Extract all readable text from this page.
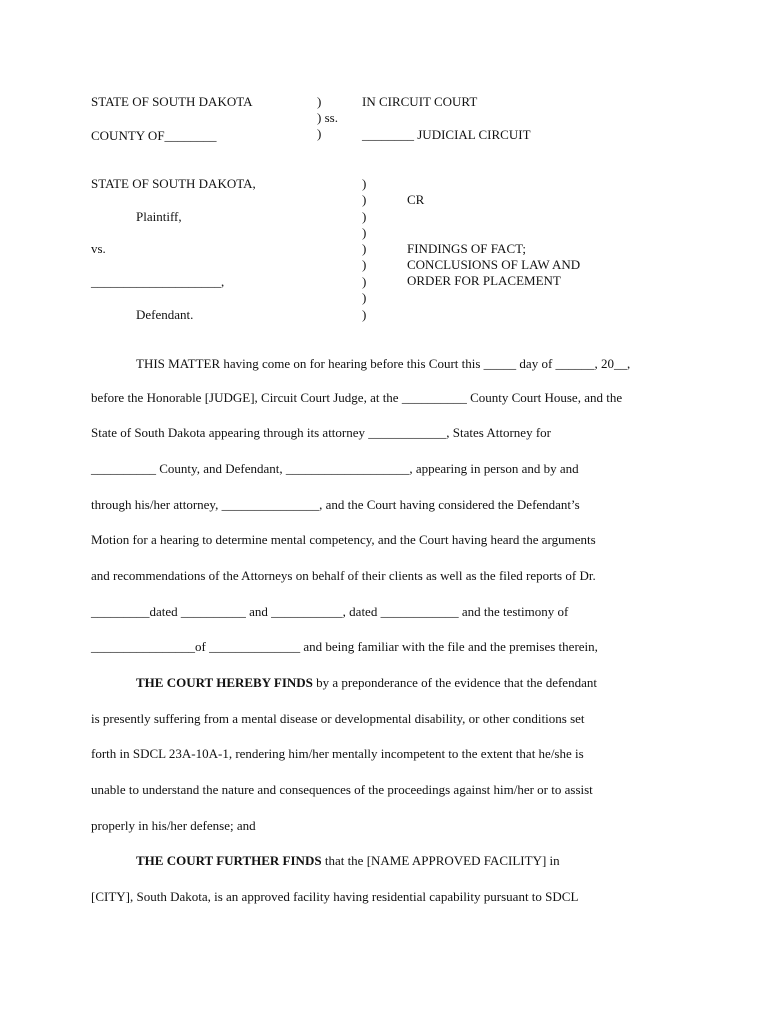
STATE OF SOUTH DAKOTA
COUNTY OF________
)
) ss.
)
IN CIRCUIT COURT
________ JUDICIAL CIRCUIT
STATE OF SOUTH DAKOTA,
Plaintiff,
vs.
____________________,
Defendant.
)
)
)
)
)
)
)
)
)
CR
FINDINGS OF FACT;
CONCLUSIONS OF LAW AND
ORDER FOR PLACEMENT
THIS MATTER having come on for hearing before this Court this _____ day of ______, 20__,
before the Honorable [JUDGE], Circuit Court Judge, at the __________ County Court House, and the
State of South Dakota appearing through its attorney ____________, States Attorney for
__________ County, and Defendant, ___________________, appearing in person and by and
through his/her attorney, _______________, and the Court having considered the Defendant’s
Motion for a hearing to determine mental competency, and the Court having heard the arguments
and recommendations of the Attorneys on behalf of their clients as well as the filed reports of Dr.
_________dated __________ and ___________, dated ____________ and the testimony of
________________of ______________ and being familiar with the file and the premises therein,
THE COURT HEREBY FINDS by a preponderance of the evidence that the defendant
is presently suffering from a mental disease or developmental disability, or other conditions set
forth in SDCL 23A-10A-1, rendering him/her mentally incompetent to the extent that he/she is
unable to understand the nature and consequences of the proceedings against him/her or to assist
properly in his/her defense; and
THE COURT FURTHER FINDS that the [NAME APPROVED FACILITY] in
[CITY], South Dakota, is an approved facility having residential capability pursuant to SDCL
